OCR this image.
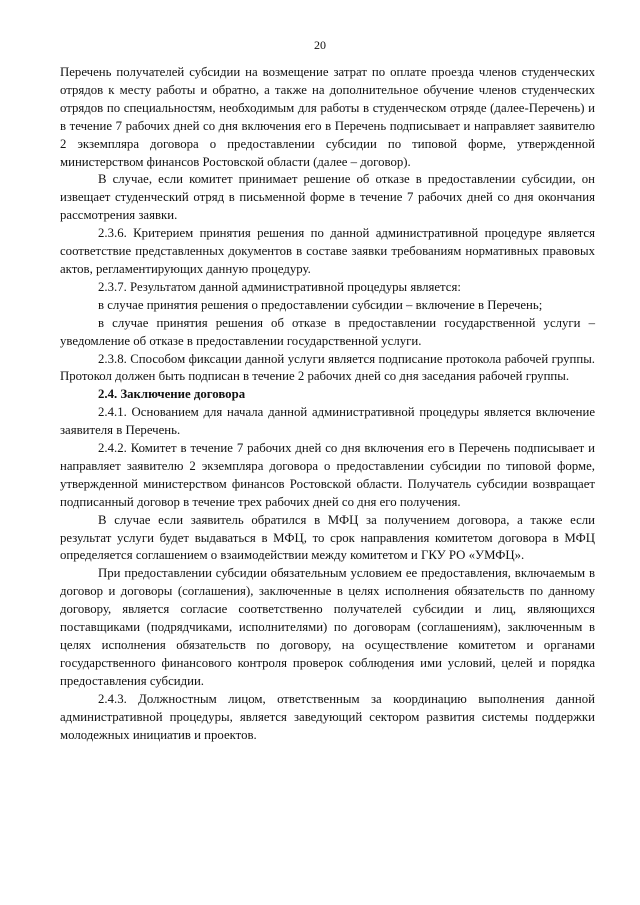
20

Перечень получателей субсидии на возмещение затрат по оплате проезда членов студенческих отрядов к месту работы и обратно, а также на дополнительное обучение членов студенческих отрядов по специальностям, необходимым для работы в студенческом отряде (далее-Перечень) и в течение 7 рабочих дней со дня включения его в Перечень подписывает и направляет заявителю 2 экземпляра договора о предоставлении субсидии по типовой форме, утвержденной министерством финансов Ростовской области (далее – договор).

В случае, если комитет принимает решение об отказе в предоставлении субсидии, он извещает студенческий отряд в письменной форме в течение 7 рабочих дней со дня окончания рассмотрения заявки.

2.3.6. Критерием принятия решения по данной административной процедуре является соответствие представленных документов в составе заявки требованиям нормативных правовых актов, регламентирующих данную процедуру.

2.3.7. Результатом данной административной процедуры является:

в случае принятия решения о предоставлении субсидии – включение в Перечень;

в случае принятия решения об отказе в предоставлении государственной услуги – уведомление об отказе в предоставлении государственной услуги.

2.3.8. Способом фиксации данной услуги является подписание протокола рабочей группы. Протокол должен быть подписан в течение 2 рабочих дней со дня заседания рабочей группы.

2.4. Заключение договора

2.4.1. Основанием для начала данной административной процедуры является включение заявителя в Перечень.

2.4.2. Комитет в течение 7 рабочих дней со дня включения его в Перечень подписывает и направляет заявителю 2 экземпляра договора о предоставлении субсидии по типовой форме, утвержденной министерством финансов Ростовской области. Получатель субсидии возвращает подписанный договор в течение трех рабочих дней со дня его получения.

В случае если заявитель обратился в МФЦ за получением договора, а также если результат услуги будет выдаваться в МФЦ, то срок направления комитетом договора в МФЦ определяется соглашением о взаимодействии между комитетом и ГКУ РО «УМФЦ».

При предоставлении субсидии обязательным условием ее предоставления, включаемым в договор и договоры (соглашения), заключенные в целях исполнения обязательств по данному договору, является согласие соответственно получателей субсидии и лиц, являющихся поставщиками (подрядчиками, исполнителями) по договорам (соглашениям), заключенным в целях исполнения обязательств по договору, на осуществление комитетом и органами государственного финансового контроля проверок соблюдения ими условий, целей и порядка предоставления субсидии.

2.4.3. Должностным лицом, ответственным за координацию выполнения данной административной процедуры, является заведующий сектором развития системы поддержки молодежных инициатив и проектов.
